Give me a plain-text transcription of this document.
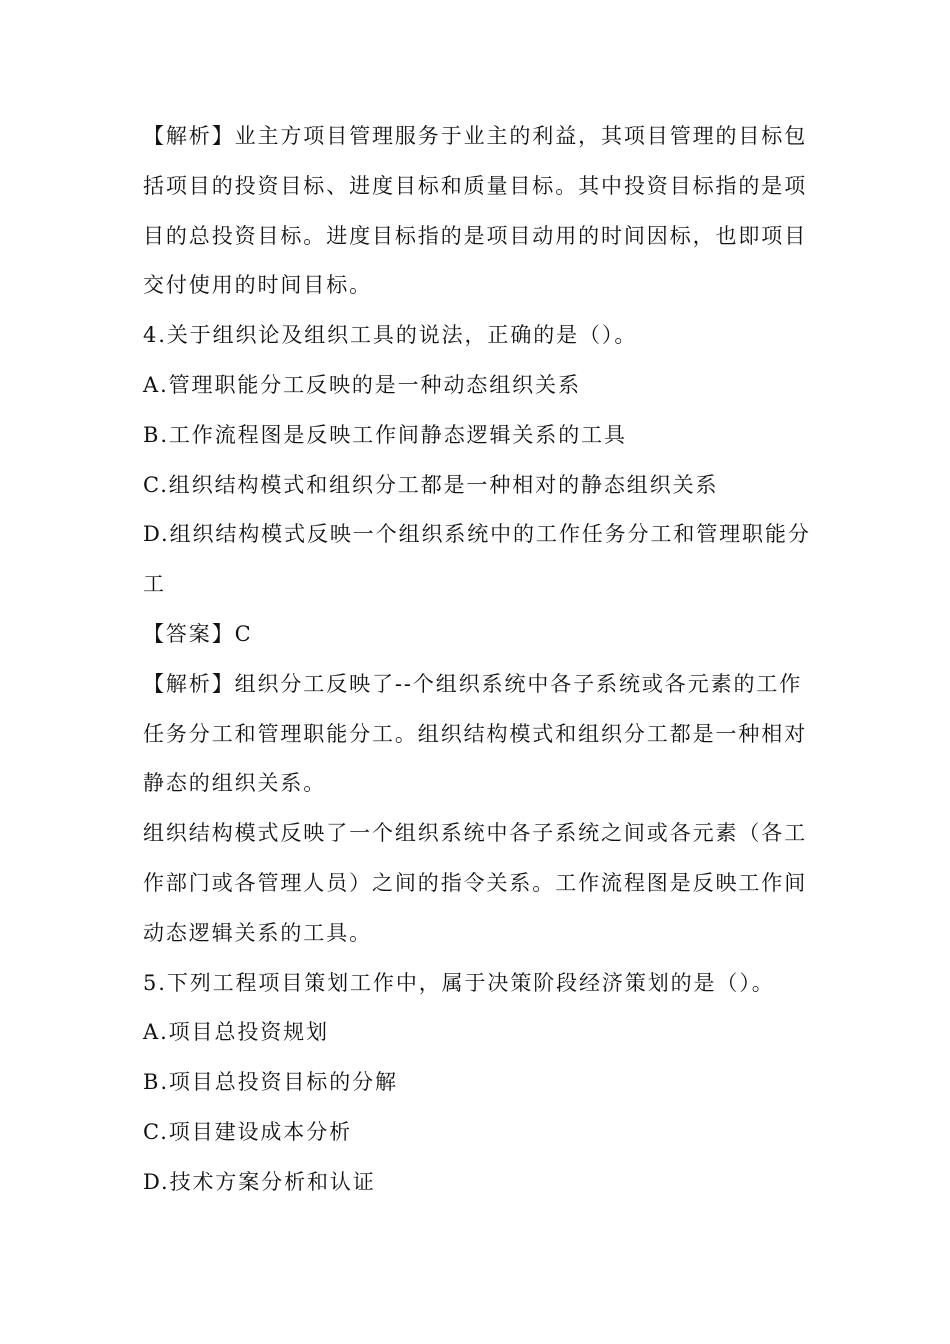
【解析】业主方项目管理服务于业主的利益，其项目管理的目标包括项目的投资目标、进度目标和质量目标。其中投资目标指的是项目的总投资目标。进度目标指的是项目动用的时间因标，也即项目交付使用的时间目标。

4.关于组织论及组织工具的说法，正确的是（）。

A.管理职能分工反映的是一种动态组织关系

B.工作流程图是反映工作间静态逻辑关系的工具

C.组织结构模式和组织分工都是一种相对的静态组织关系

D.组织结构模式反映一个组织系统中的工作任务分工和管理职能分工

【答案】C

【解析】组织分工反映了--个组织系统中各子系统或各元素的工作任务分工和管理职能分工。组织结构模式和组织分工都是一种相对静态的组织关系。

组织结构模式反映了一个组织系统中各子系统之间或各元素（各工作部门或各管理人员）之间的指令关系。工作流程图是反映工作间动态逻辑关系的工具。

5.下列工程项目策划工作中，属于决策阶段经济策划的是（）。

A.项目总投资规划

B.项目总投资目标的分解

C.项目建设成本分析

D.技术方案分析和认证
